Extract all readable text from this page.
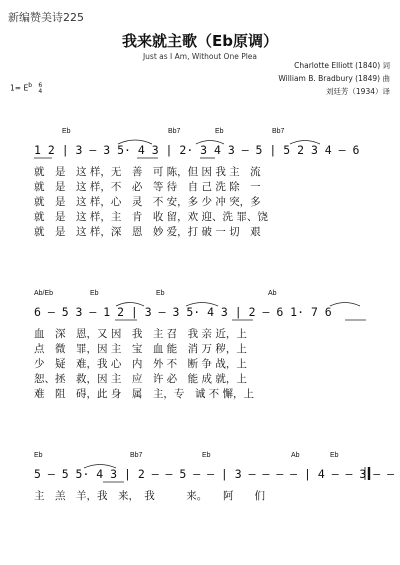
新编赞美诗225
我来就主歌（Eb原调）
Just as I Am, Without One Plea
Charlotte Elliott (1840) 词
William B. Bradbury (1849) 曲
刘廷芳（1934）译
$1= E^b$ 6
4
Eb	Bb7	Eb	Bb7
1 2 | 3 – 3 5· 4 3 | 2· 3 4 3 – 5 | 5 2 3 4 – 6
就　是　这 样，无　善　可 陈，但 因 我 主　流
就　是　这 样，不　必　等 待　自 己 洗 除　一
就　是　这 样，心　灵　不 安，多 少 冲 突，多
就　是　这 样，主　肯　收 留，欢 迎、洗 罪、饶
就　是　这 样，深　恩　妙 爱，打 破 一 切　艰
Ab/Eb	Eb	Eb	Ab
6 – 5 3 – 1 2 | 3 – 3 5· 4 3 | 2 – 6 1· 7 6
血　深　恩，又 因　我　主 召　我 亲 近，上
点　微　罪，因 主　宝　血 能　消 万 秽，上
少　疑　难，我 心　内　外 不　断 争 战，上
恕、拯　救，因 主　应　许 必　能 成 就，上
难　阻　碍，此 身　属　主，专　诚 不 懈，上
Eb	Bb7	Eb	Ab	Eb
5 – 5 5· 4 3 | 2 – – 5 – – | 3 – – – – | 4 – – 3 – –
主　羔　羊，我　来，　我　　　来。　　阿　　们
